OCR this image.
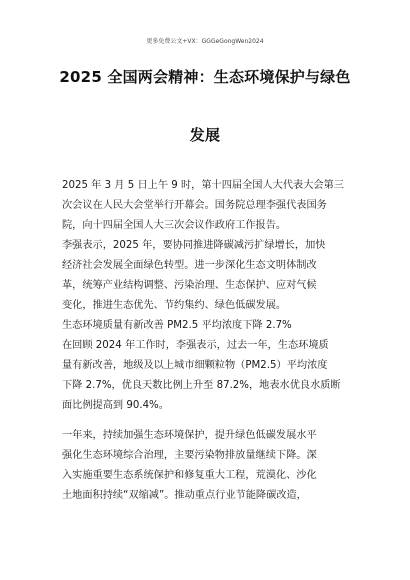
更多免费公文+VX：GGGeGongWen2024
2025 全国两会精神：生态环境保护与绿色
发展
2025 年 3 月 5 日上午 9 时，第十四届全国人大代表大会第三
次会议在人民大会堂举行开幕会。国务院总理李强代表国务
院，向十四届全国人大三次会议作政府工作报告。
李强表示，2025 年，要协同推进降碳减污扩绿增长，加快
经济社会发展全面绿色转型。进一步深化生态文明体制改
革，统筹产业结构调整、污染治理、生态保护、应对气候
变化，推进生态优先、节约集约、绿色低碳发展。
生态环境质量有新改善 PM2.5 平均浓度下降 2.7%
在回顾 2024 年工作时，李强表示，过去一年，生态环境质
量有新改善，地级及以上城市细颗粒物（PM2.5）平均浓度
下降 2.7%，优良天数比例上升至 87.2%，地表水优良水质断
面比例提高到 90.4%。
一年来，持续加强生态环境保护，提升绿色低碳发展水平
强化生态环境综合治理，主要污染物排放量继续下降。深
入实施重要生态系统保护和修复重大工程，荒漠化、沙化
土地面积持续“双缩减”。推动重点行业节能降碳改造，
